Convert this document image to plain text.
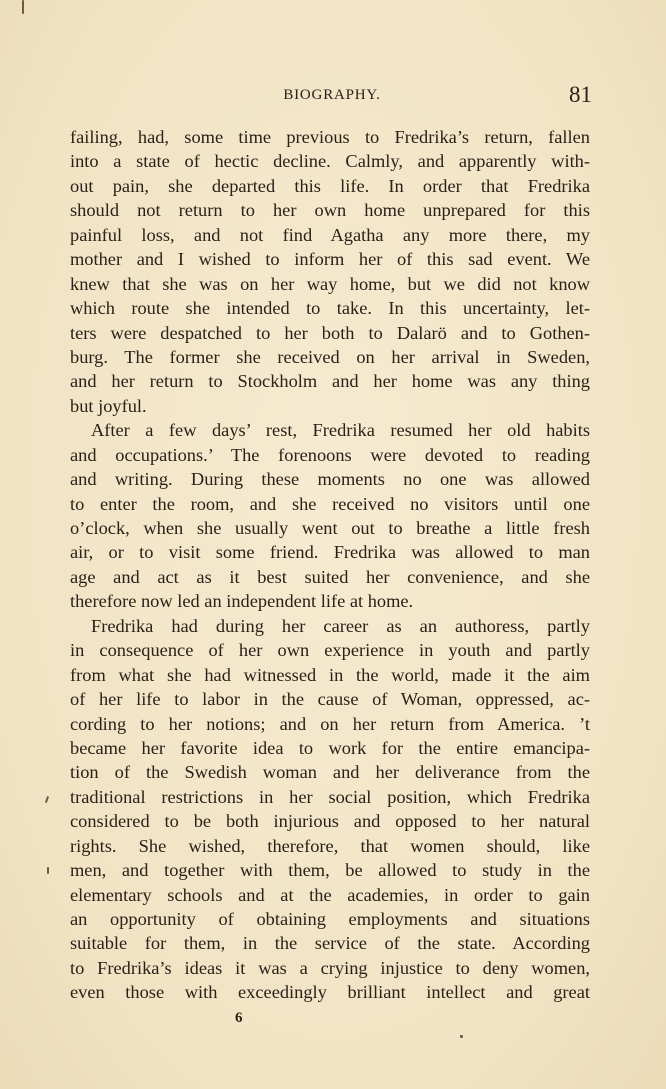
BIOGRAPHY.	81
failing, had, some time previous to Fredrika’s return, fallen
into a state of hectic decline. Calmly, and apparently with-
out pain, she departed this life. In order that Fredrika
should not return to her own home unprepared for this
painful loss, and not find Agatha any more there, my
mother and I wished to inform her of this sad event. We
knew that she was on her way home, but we did not know
which route she intended to take. In this uncertainty, let-
ters were despatched to her both to Dalarö and to Gothen-
burg. The former she received on her arrival in Sweden,
and her return to Stockholm and her home was any thing
but joyful.
After a few days’ rest, Fredrika resumed her old habits
and occupations.’ The forenoons were devoted to reading
and writing. During these moments no one was allowed
to enter the room, and she received no visitors until one
o’clock, when she usually went out to breathe a little fresh
air, or to visit some friend. Fredrika was allowed to man
age and act as it best suited her convenience, and she
therefore now led an independent life at home.
Fredrika had during her career as an authoress, partly
in consequence of her own experience in youth and partly
from what she had witnessed in the world, made it the aim
of her life to labor in the cause of Woman, oppressed, ac-
cording to her notions; and on her return from America. ’t
became her favorite idea to work for the entire emancipa-
tion of the Swedish woman and her deliverance from the
traditional restrictions in her social position, which Fredrika
considered to be both injurious and opposed to her natural
rights. She wished, therefore, that women should, like
men, and together with them, be allowed to study in the
elementary schools and at the academies, in order to gain
an opportunity of obtaining employments and situations
suitable for them, in the service of the state. According
to Fredrika’s ideas it was a crying injustice to deny women,
even those with exceedingly brilliant intellect and great
6
